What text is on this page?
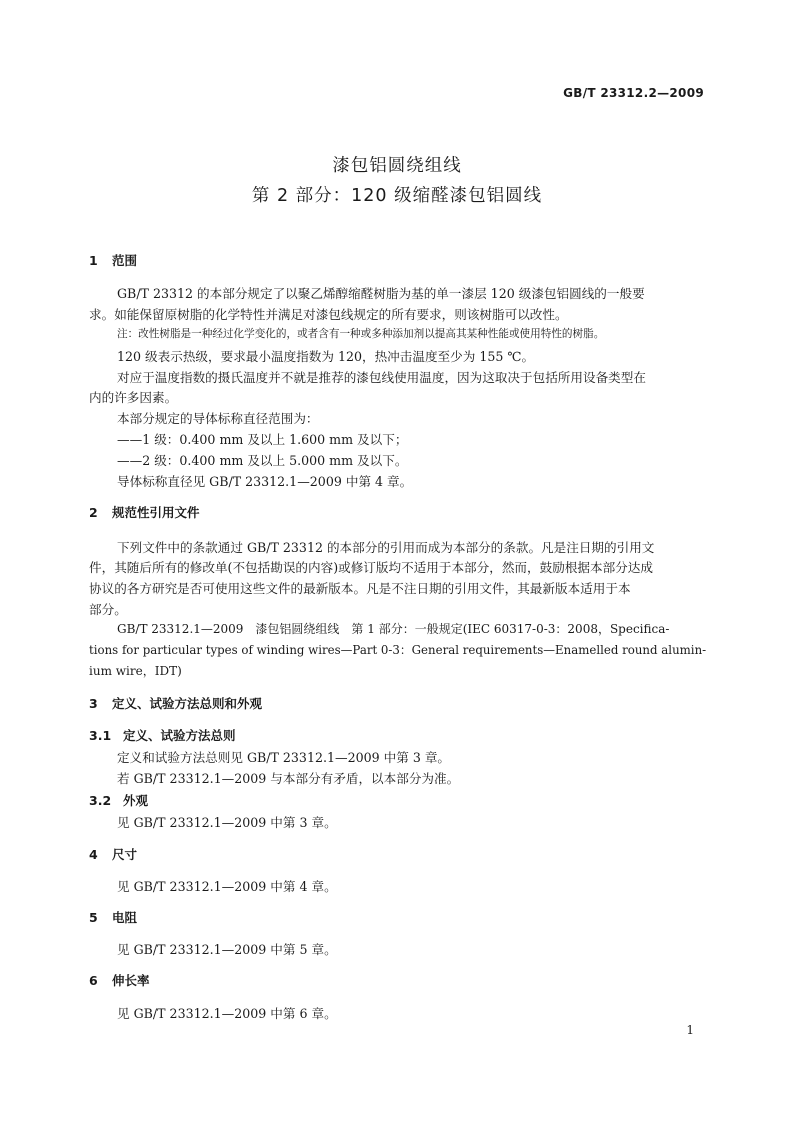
GB/T 23312.2—2009
漆包铝圆绕组线
第 2 部分：120 级缩醛漆包铝圆线
1 范围
GB/T 23312 的本部分规定了以聚乙烯醇缩醛树脂为基的单一漆层 120 级漆包铝圆线的一般要
求。如能保留原树脂的化学特性并满足对漆包线规定的所有要求，则该树脂可以改性。
注：改性树脂是一种经过化学变化的，或者含有一种或多种添加剂以提高其某种性能或使用特性的树脂。
120 级表示热级，要求最小温度指数为 120，热冲击温度至少为 155 ℃。
对应于温度指数的摄氏温度并不就是推荐的漆包线使用温度，因为这取决于包括所用设备类型在
内的许多因素。
本部分规定的导体标称直径范围为：
——1 级：0.400 mm 及以上 1.600 mm 及以下；
——2 级：0.400 mm 及以上 5.000 mm 及以下。
导体标称直径见 GB/T 23312.1—2009 中第 4 章。
2 规范性引用文件
下列文件中的条款通过 GB/T 23312 的本部分的引用而成为本部分的条款。凡是注日期的引用文
件，其随后所有的修改单(不包括勘误的内容)或修订版均不适用于本部分，然而，鼓励根据本部分达成
协议的各方研究是否可使用这些文件的最新版本。凡是不注日期的引用文件，其最新版本适用于本
部分。
GB/T 23312.1—2009　漆包铝圆绕组线　第 1 部分：一般规定(IEC 60317-0-3：2008，Specifica-
tions for particular types of winding wires—Part 0-3：General requirements—Enamelled round alumin-
ium wire，IDT)
3 定义、试验方法总则和外观
3.1 定义、试验方法总则
定义和试验方法总则见 GB/T 23312.1—2009 中第 3 章。
若 GB/T 23312.1—2009 与本部分有矛盾，以本部分为准。
3.2 外观
见 GB/T 23312.1—2009 中第 3 章。
4 尺寸
见 GB/T 23312.1—2009 中第 4 章。
5 电阻
见 GB/T 23312.1—2009 中第 5 章。
6 伸长率
见 GB/T 23312.1—2009 中第 6 章。
1
